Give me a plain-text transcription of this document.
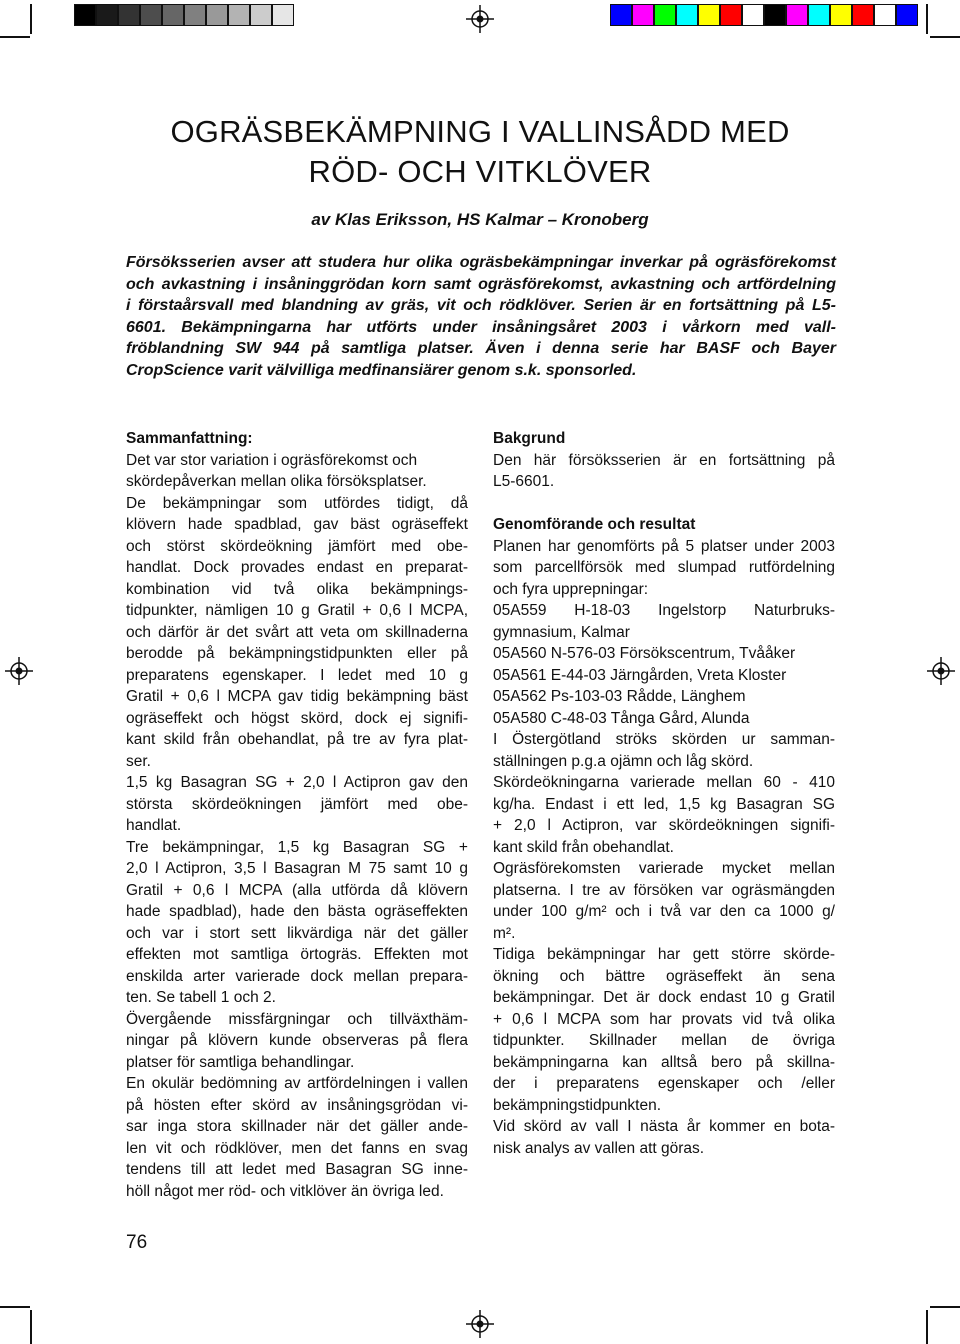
OGRÄSBEKÄMPNING I VALLINSÅDD MED
RÖD- OCH VITKLÖVER
av Klas Eriksson, HS Kalmar – Kronoberg
Försöksserien avser att studera hur olika ogräsbekämpningar inverkar på ogräsförekomst
och avkastning i insåninggrödan korn samt ogräsförekomst, avkastning och artfördelning
i förstaårsvall med blandning av gräs, vit och rödklöver. Serien är en fortsättning på L5-
6601. Bekämpningarna har utförts under insåningsåret 2003 i vårkorn med vall-
fröblandning SW 944 på samtliga platser. Även i denna serie har BASF och Bayer
CropScience varit välvilliga medfinansiärer genom s.k. sponsorled.
Sammanfattning:
Det var stor variation i ogräsförekomst och
skördepåverkan mellan olika försöksplatser.
De bekämpningar som utfördes tidigt, då
klövern hade spadblad, gav bäst ogräseffekt
och störst skördeökning jämfört med obe-
handlat. Dock provades endast en preparat-
kombination vid två olika bekämpnings-
tidpunkter, nämligen 10 g Gratil + 0,6 l MCPA,
och därför är det svårt att veta om skillnaderna
berodde på bekämpningstidpunkten eller på
preparatens egenskaper. I ledet med 10 g
Gratil + 0,6 l MCPA gav tidig bekämpning bäst
ogräseffekt och högst skörd, dock ej signifi-
kant skild från obehandlat, på tre av fyra plat-
ser.
1,5 kg Basagran SG + 2,0 l Actipron gav den
största skördeökningen jämfört med obe-
handlat.
Tre bekämpningar, 1,5 kg Basagran SG +
2,0 l Actipron, 3,5 l Basagran M 75 samt 10 g
Gratil + 0,6 l MCPA (alla utförda då klövern
hade spadblad), hade den bästa ogräseffekten
och var i stort sett likvärdiga när det gäller
effekten mot samtliga örtogräs. Effekten mot
enskilda arter varierade dock mellan prepara-
ten. Se tabell 1 och 2.
Övergående missfärgningar och tillväxthäm-
ningar på klövern kunde observeras på flera
platser för samtliga behandlingar.
En okulär bedömning av artfördelningen i vallen
på hösten efter skörd av insåningsgrödan vi-
sar inga stora skillnader när det gäller ande-
len vit och rödklöver, men det fanns en svag
tendens till att ledet med Basagran SG inne-
höll något mer röd- och vitklöver än övriga led.
Bakgrund
Den här försöksserien är en fortsättning på
L5-6601.
Genomförande och resultat
Planen har genomförts på 5 platser under 2003
som parcellförsök med slumpad rutfördelning
och fyra upprepningar:
05A559 H-18-03 Ingelstorp Naturbruks-
gymnasium, Kalmar
05A560 N-576-03 Försökscentrum, Tvååker
05A561 E-44-03 Järngården, Vreta Kloster
05A562 Ps-103-03 Rådde, Länghem
05A580 C-48-03 Tånga Gård, Alunda
I Östergötland ströks skörden ur samman-
ställningen p.g.a ojämn och låg skörd.
Skördeökningarna varierade mellan 60 - 410
kg/ha. Endast i ett led, 1,5 kg Basagran SG
+ 2,0 l Actipron, var skördeökningen signifi-
kant skild från obehandlat.
Ogräsförekomsten varierade mycket mellan
platserna. I tre av försöken var ogräsmängden
under 100 g/m² och i två var den ca 1000 g/
m².
Tidiga bekämpningar har gett större skörde-
ökning och bättre ogräseffekt än sena
bekämpningar. Det är dock endast 10 g Gratil
+ 0,6 l MCPA som har provats vid två olika
tidpunkter. Skillnader mellan de övriga
bekämpningarna kan alltså bero på skillna-
der i preparatens egenskaper och /eller
bekämpningstidpunkten.
Vid skörd av vall I nästa år kommer en bota-
nisk analys av vallen att göras.
76
